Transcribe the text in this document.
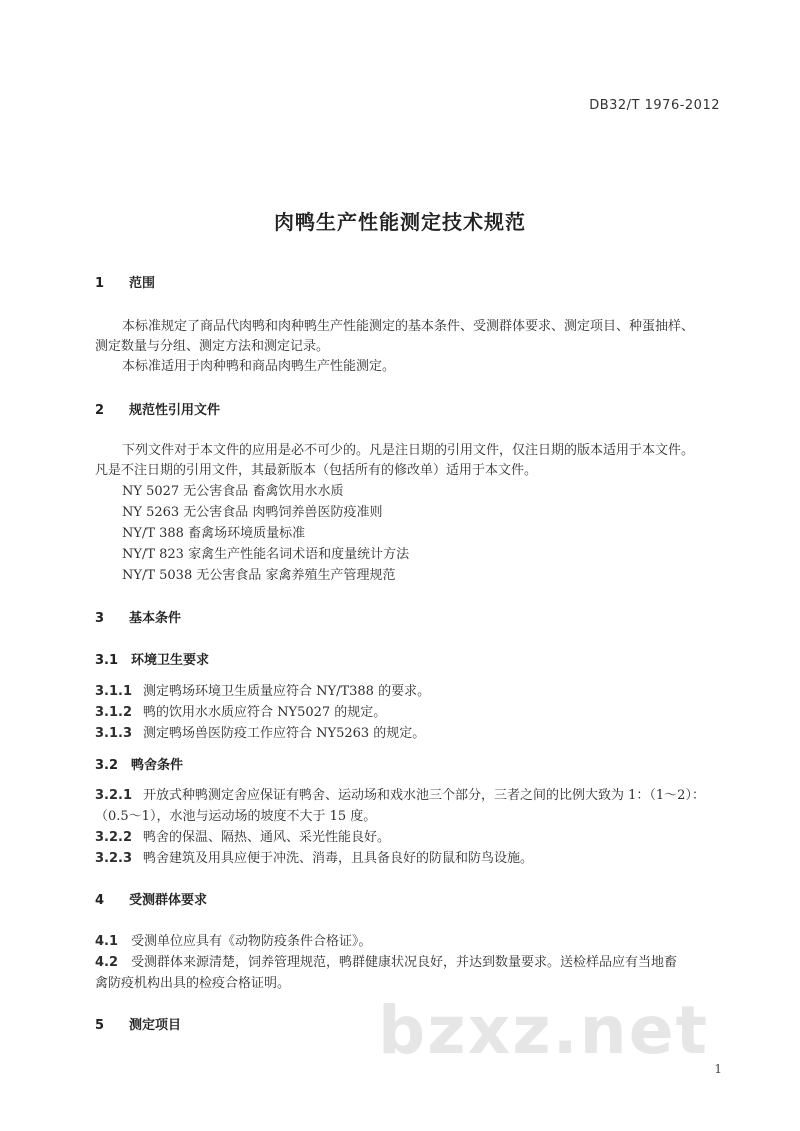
DB32/T 1976-2012
肉鸭生产性能测定技术规范
1 范围
本标准规定了商品代肉鸭和肉种鸭生产性能测定的基本条件、受测群体要求、测定项目、种蛋抽样、
测定数量与分组、测定方法和测定记录。
本标准适用于肉种鸭和商品肉鸭生产性能测定。
2 规范性引用文件
下列文件对于本文件的应用是必不可少的。凡是注日期的引用文件，仅注日期的版本适用于本文件。
凡是不注日期的引用文件，其最新版本（包括所有的修改单）适用于本文件。
NY 5027 无公害食品 畜禽饮用水水质
NY 5263 无公害食品 肉鸭饲养兽医防疫准则
NY/T 388 畜禽场环境质量标准
NY/T 823 家禽生产性能名词术语和度量统计方法
NY/T 5038 无公害食品 家禽养殖生产管理规范
3 基本条件
3.1 环境卫生要求
3.1.1 测定鸭场环境卫生质量应符合 NY/T388 的要求。
3.1.2 鸭的饮用水水质应符合 NY5027 的规定。
3.1.3 测定鸭场兽医防疫工作应符合 NY5263 的规定。
3.2 鸭舍条件
3.2.1 开放式种鸭测定舍应保证有鸭舍、运动场和戏水池三个部分，三者之间的比例大致为 1：（1～2）：
（0.5～1），水池与运动场的坡度不大于 15 度。
3.2.2 鸭舍的保温、隔热、通风、采光性能良好。
3.2.3 鸭舍建筑及用具应便于冲洗、消毒，且具备良好的防鼠和防鸟设施。
4 受测群体要求
4.1 受测单位应具有《动物防疫条件合格证》。
4.2 受测群体来源清楚，饲养管理规范，鸭群健康状况良好，并达到数量要求。送检样品应有当地畜
禽防疫机构出具的检疫合格证明。
5 测定项目	bzxz.net 1
